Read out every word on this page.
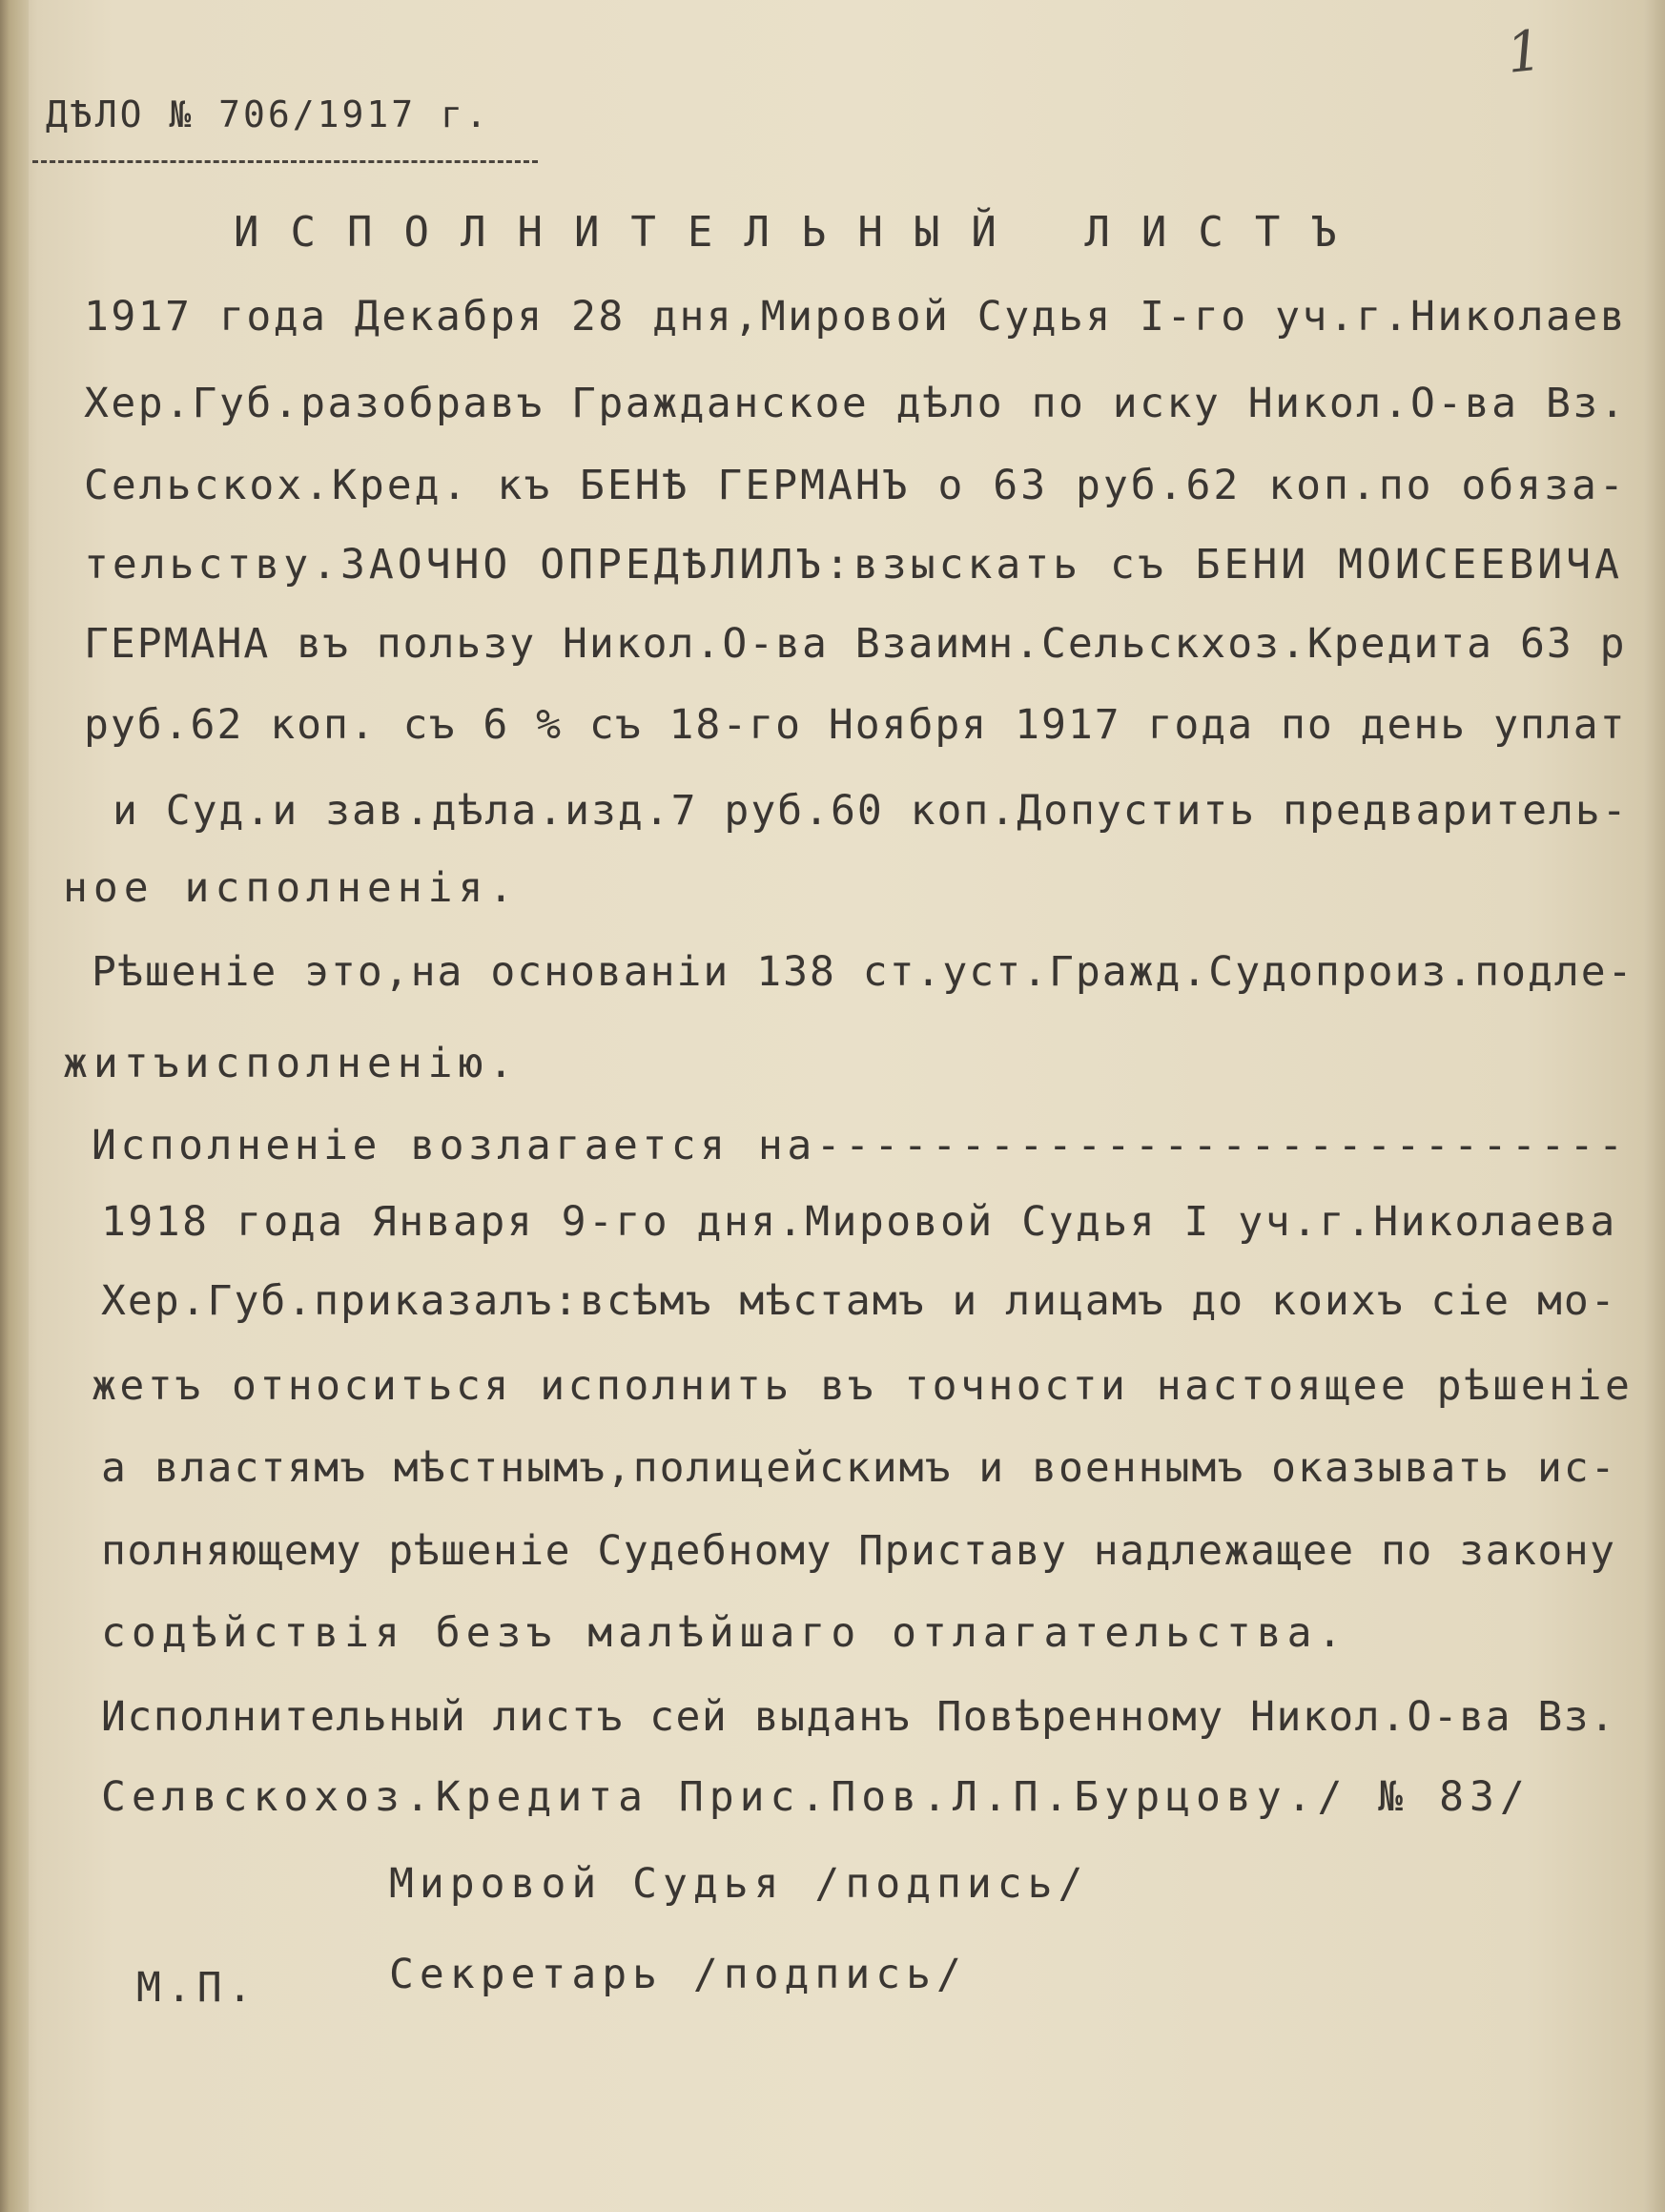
ДѢЛО № 706/1917 г.

1

ИСПОЛНИТЕЛЬНЫЙ ЛИСТЪ

1917 года Декабря 28 дня,Мировой Судья I-го уч.г.Николаев

Хер.Губ.разобравъ Гражданское дѣло по иску Никол.О-ва Вз.

Сельскох.Кред. къ БЕНѢ ГЕРМАНЪ о 63 руб.62 коп.по обяза-

тельству.ЗАОЧНО ОПРЕДѢЛИЛЪ:взыскать съ БЕНИ МОИСЕЕВИЧА

ГЕРМАНА въ пользу Никол.О-ва Взаимн.Сельскхоз.Кредита 63 р

руб.62 коп. съ 6 % съ 18-го Ноября 1917 года по день уплат

и Суд.и зав.дѣла.изд.7 руб.60 коп.Допустить предваритель-

ное исполненія.

Рѣшеніе это,на основаніи 138 ст.уст.Гражд.Судопроиз.подле-

житъисполненію.

Исполненіе возлагается на----------------------------

1918 года Января 9-го дня.Мировой Судья I уч.г.Николаева

Хер.Губ.приказалъ:всѣмъ мѣстамъ и лицамъ до коихъ сіе мо-

жетъ относиться исполнить въ точности настоящее рѣшеніе

а властямъ мѣстнымъ,полицейскимъ и военнымъ оказывать ис-

полняющему рѣшеніе Судебному Приставу надлежащее по закону

содѣйствія безъ малѣйшаго отлагательства.

Исполнительный листъ сей выданъ Повѣренному Никол.О-ва Вз.

Селвскохоз.Кредита Прис.Пов.Л.П.Бурцову./ № 83/

Мировой Судья /подпись/

Секретарь /подпись/

М.П.
